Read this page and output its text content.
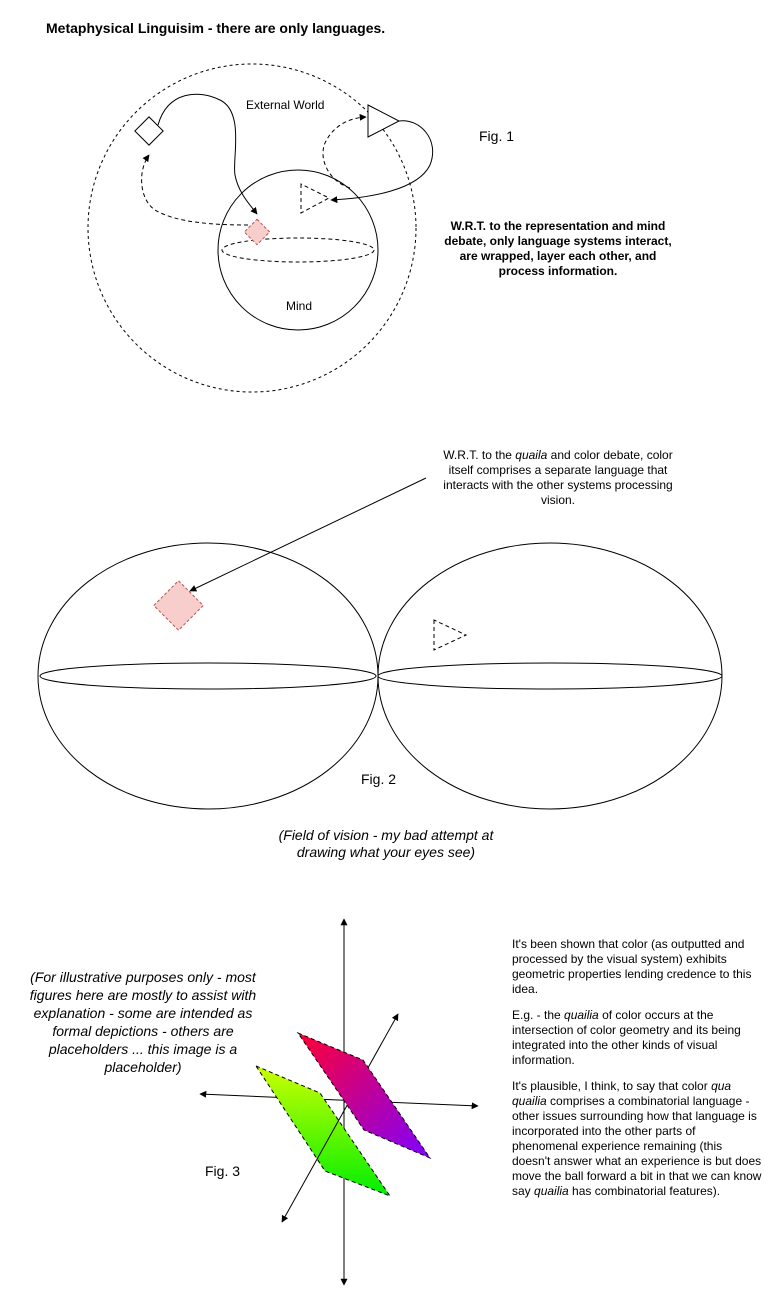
Metaphysical Linguisim - there are only languages.
External World
Mind
Fig. 1
W.R.T. to the representation and mind debate, only language systems interact, are wrapped, layer each other, and process information.
W.R.T. to the quaila and color debate, color itself comprises a separate language that interacts with the other systems processing vision.
Fig. 2
(Field of vision - my bad attempt at drawing what your eyes see)
(For illustrative purposes only - most figures here are mostly to assist with explanation - some are intended as formal depictions - others are placeholders ... this image is a placeholder)
Fig. 3
It's been shown that color (as outputted and processed by the visual system) exhibits geometric properties lending credence to this idea.
E.g. - the quailia of color occurs at the intersection of color geometry and its being integrated into the other kinds of visual information.
It's plausible, I think, to say that color qua quailia comprises a combinatorial language - other issues surrounding how that language is incorporated into the other parts of phenomenal experience remaining (this doesn't answer what an experience is but does move the ball forward a bit in that we can know say quailia has combinatorial features).
